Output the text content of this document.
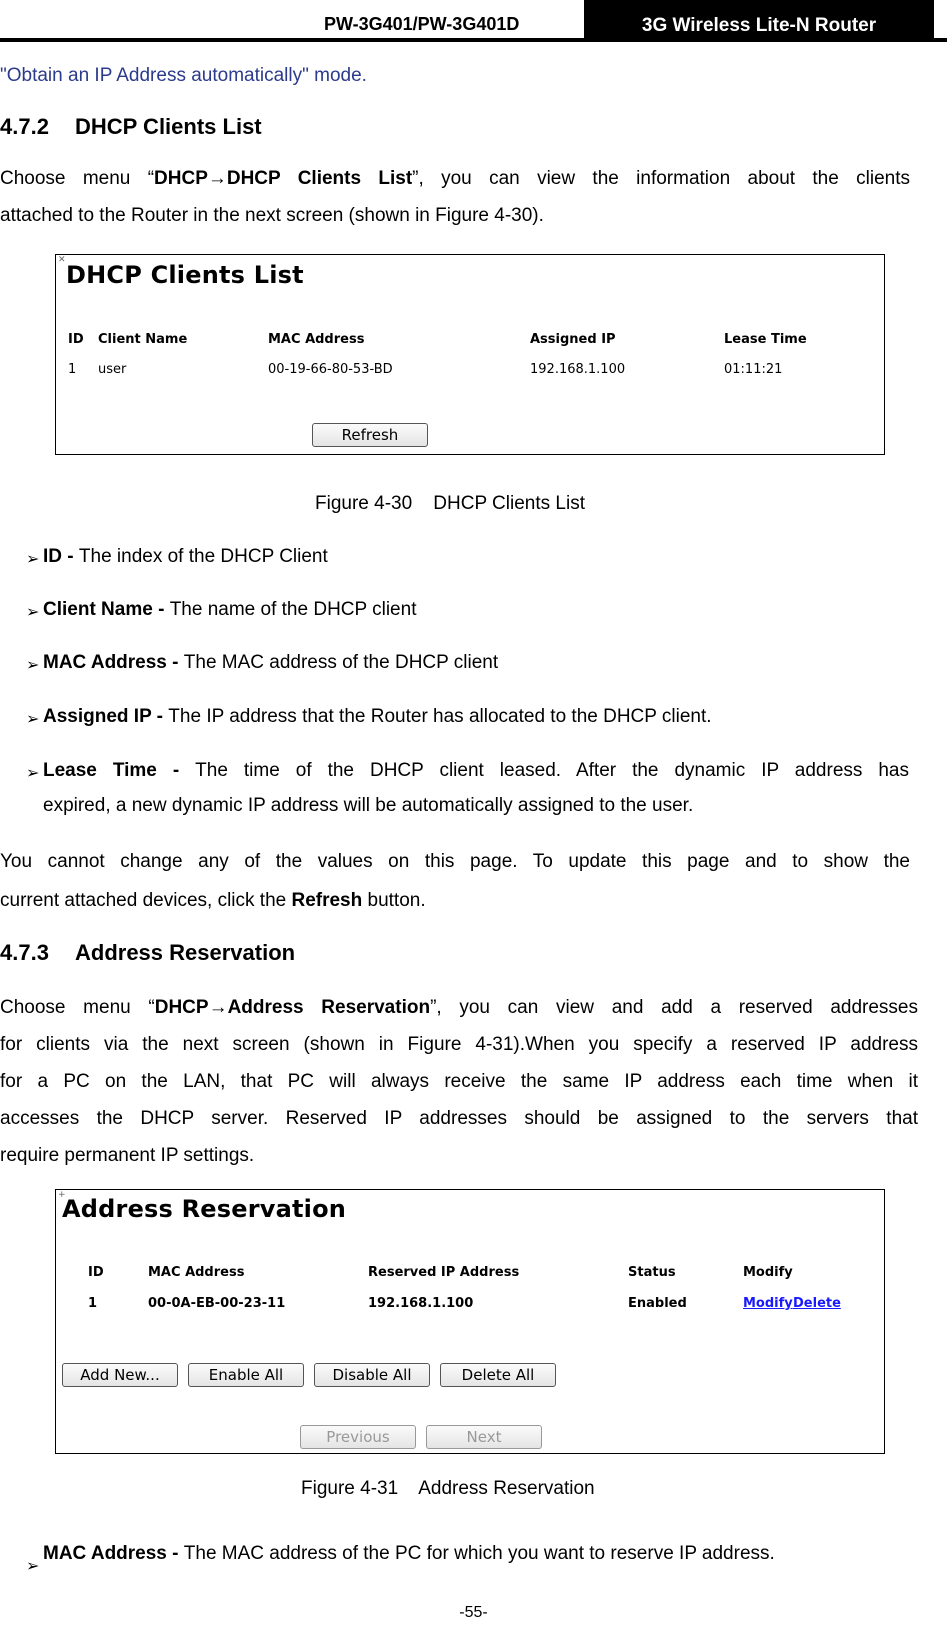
PW-3G401/PW-3G401D	3G Wireless Lite-N Router
"Obtain an IP Address automatically" mode.
4.7.2 DHCP Clients List
Choose menu “DHCP→DHCP Clients List”, you can view the information about the clients
attached to the Router in the next screen (shown in Figure 4-30).
✕
DHCP Clients List
ID Client Name	MAC Address	Assigned IP	Lease Time
1 user	00-19-66-80-53-BD	192.168.1.100	01:11:21
Refresh
Figure 4-30    DHCP Clients List
➢ ID - The index of the DHCP Client
➢ Client Name - The name of the DHCP client
➢ MAC Address - The MAC address of the DHCP client
➢ Assigned IP - The IP address that the Router has allocated to the DHCP client.
➢ Lease Time - The time of the DHCP client leased. After the dynamic IP address has
expired, a new dynamic IP address will be automatically assigned to the user.
You cannot change any of the values on this page. To update this page and to show the
current attached devices, click the Refresh button.
4.7.3 Address Reservation
Choose menu “DHCP→Address Reservation”, you can view and add a reserved addresses
for clients via the next screen (shown in Figure 4-31).When you specify a reserved IP address
for a PC on the LAN, that PC will always receive the same IP address each time when it
accesses the DHCP server. Reserved IP addresses should be assigned to the servers that
require permanent IP settings.
+
Address Reservation
ID	MAC Address	Reserved IP Address	Status	Modify
1	00-0A-EB-00-23-11	192.168.1.100	Enabled	Modify Delete
Add New...	Enable All	Disable All	Delete All
Previous	Next
Figure 4-31    Address Reservation
➢
MAC Address - The MAC address of the PC for which you want to reserve IP address.
-55-
